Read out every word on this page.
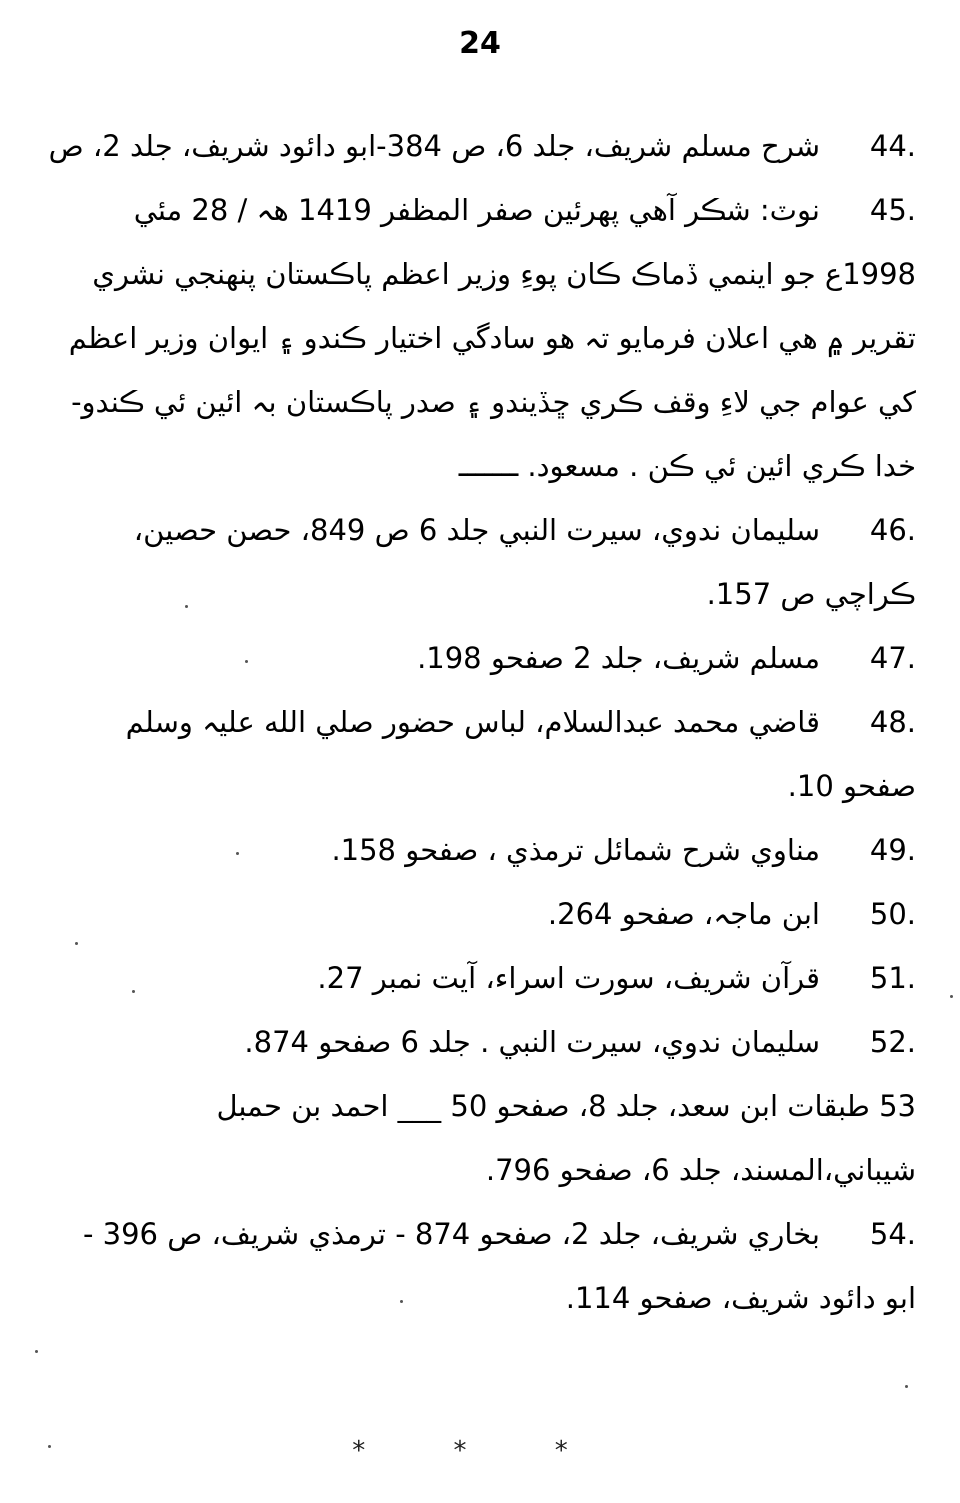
24
44.شرح مسلم شريف، جلد 6، ص 384-ابو دائود شريف، جلد 2، ص
45.نوٽ: شڪر آهي پهرئين صفر المظفر 1419 هہ / 28 مئي
1998ع جو اينمي ڏماڪ ڪان پوءِ وزير اعظم پاڪستان پنهنجي نشري
تقرير ۾ هي اعلان فرمايو تہ هو سادگي اختيار ڪندو ۽ ايوان وزير اعظم
کي عوام جي لاءِ وقف ڪري ڇڏيندو ۽ صدر پاڪستان بہ ائين ئي ڪندو-
خدا ڪري ائين ئي ڪن . مسعود. ـــــــ
46.سليمان ندوي، سيرت النبي جلد 6 ص 849، حصن حصين،
ڪراچي ص 157.
47.مسلم شريف، جلد 2 صفحو 198.
48.قاضي محمد عبدالسلام، لباس حضور صلي الله عليہ وسلم
صفحو 10.
49.مناوي شرح شمائل ترمذي ، صفحو 158.
50.ابن ماجہ، صفحو 264.
51.قرآن شريف، سورت اسراء، آيت نمبر 27.
52.سليمان ندوي، سيرت النبي . جلد 6 صفحو 874.
53 طبقات ابن سعد، جلد 8، صفحو 50 ___ احمد بن حمبل
شيباني،المسند، جلد 6، صفحو 796.
54.بخاري شريف، جلد 2، صفحو 874 - ترمذي شريف، ص 396 -
ابو دائود شريف، صفحو 114.
* * *
